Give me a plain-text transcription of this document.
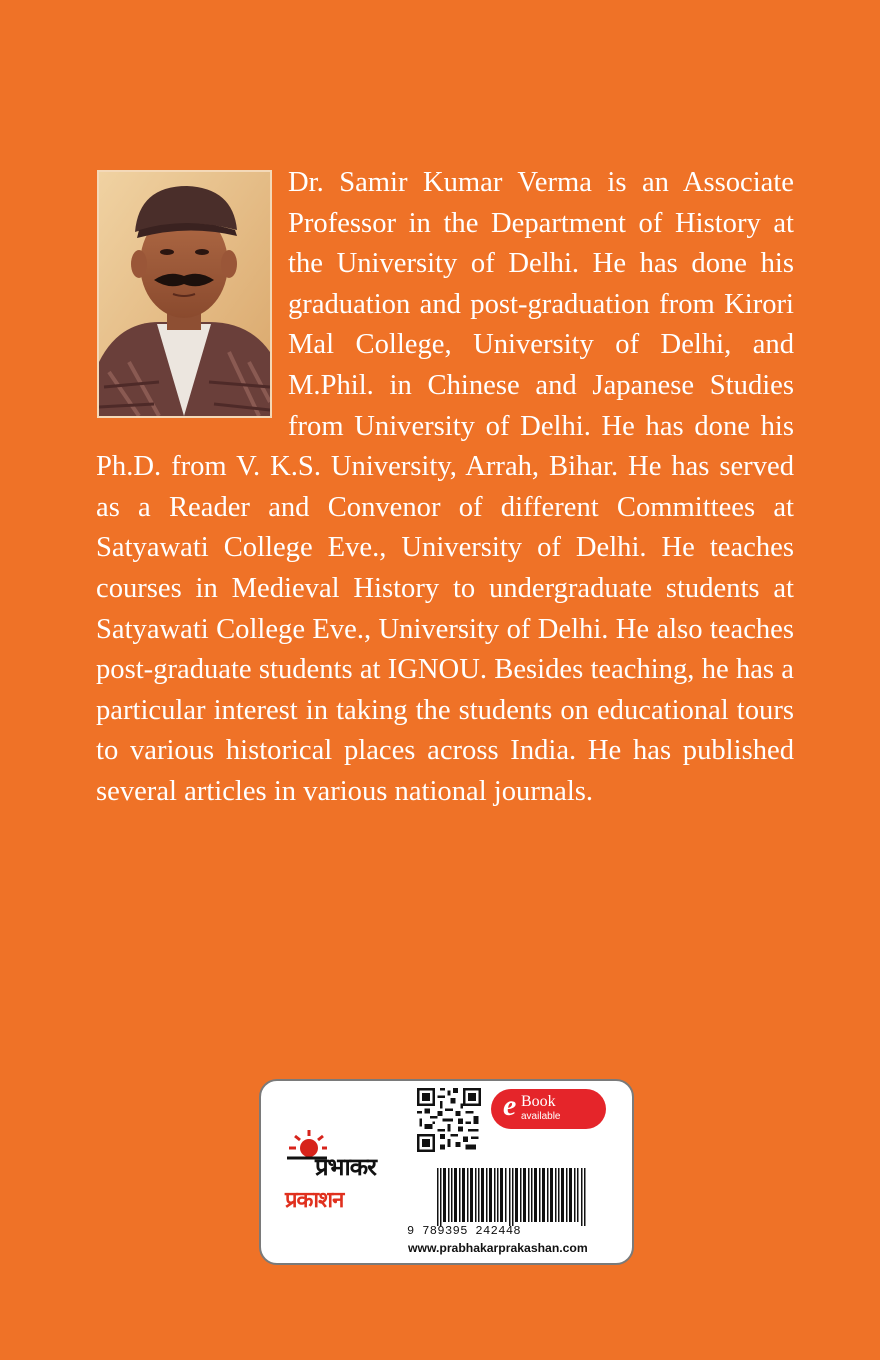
Dr. Samir Kumar Verma is an Associate Professor in the Department of History at the University of Delhi. He has done his graduation and post-graduation from Kirori Mal College, University of Delhi, and M.Phil. in Chinese and Japanese Studies from University of Delhi. He has done his Ph.D. from V. K.S. University, Arrah, Bihar. He has served as a Reader and Convenor of different Committees at Satyawati College Eve., University of Delhi. He teaches courses in Medieval History to undergraduate students at Satyawati College Eve., University of Delhi. He also teaches post-graduate students at IGNOU. Besides teaching, he has a particular interest in taking the students on educational tours to various historical places across India. He has published several articles in various national journals.

प्रभाकर
प्रकाशन
e Book
available
9 789395 242448
www.prabhakarprakashan.com
